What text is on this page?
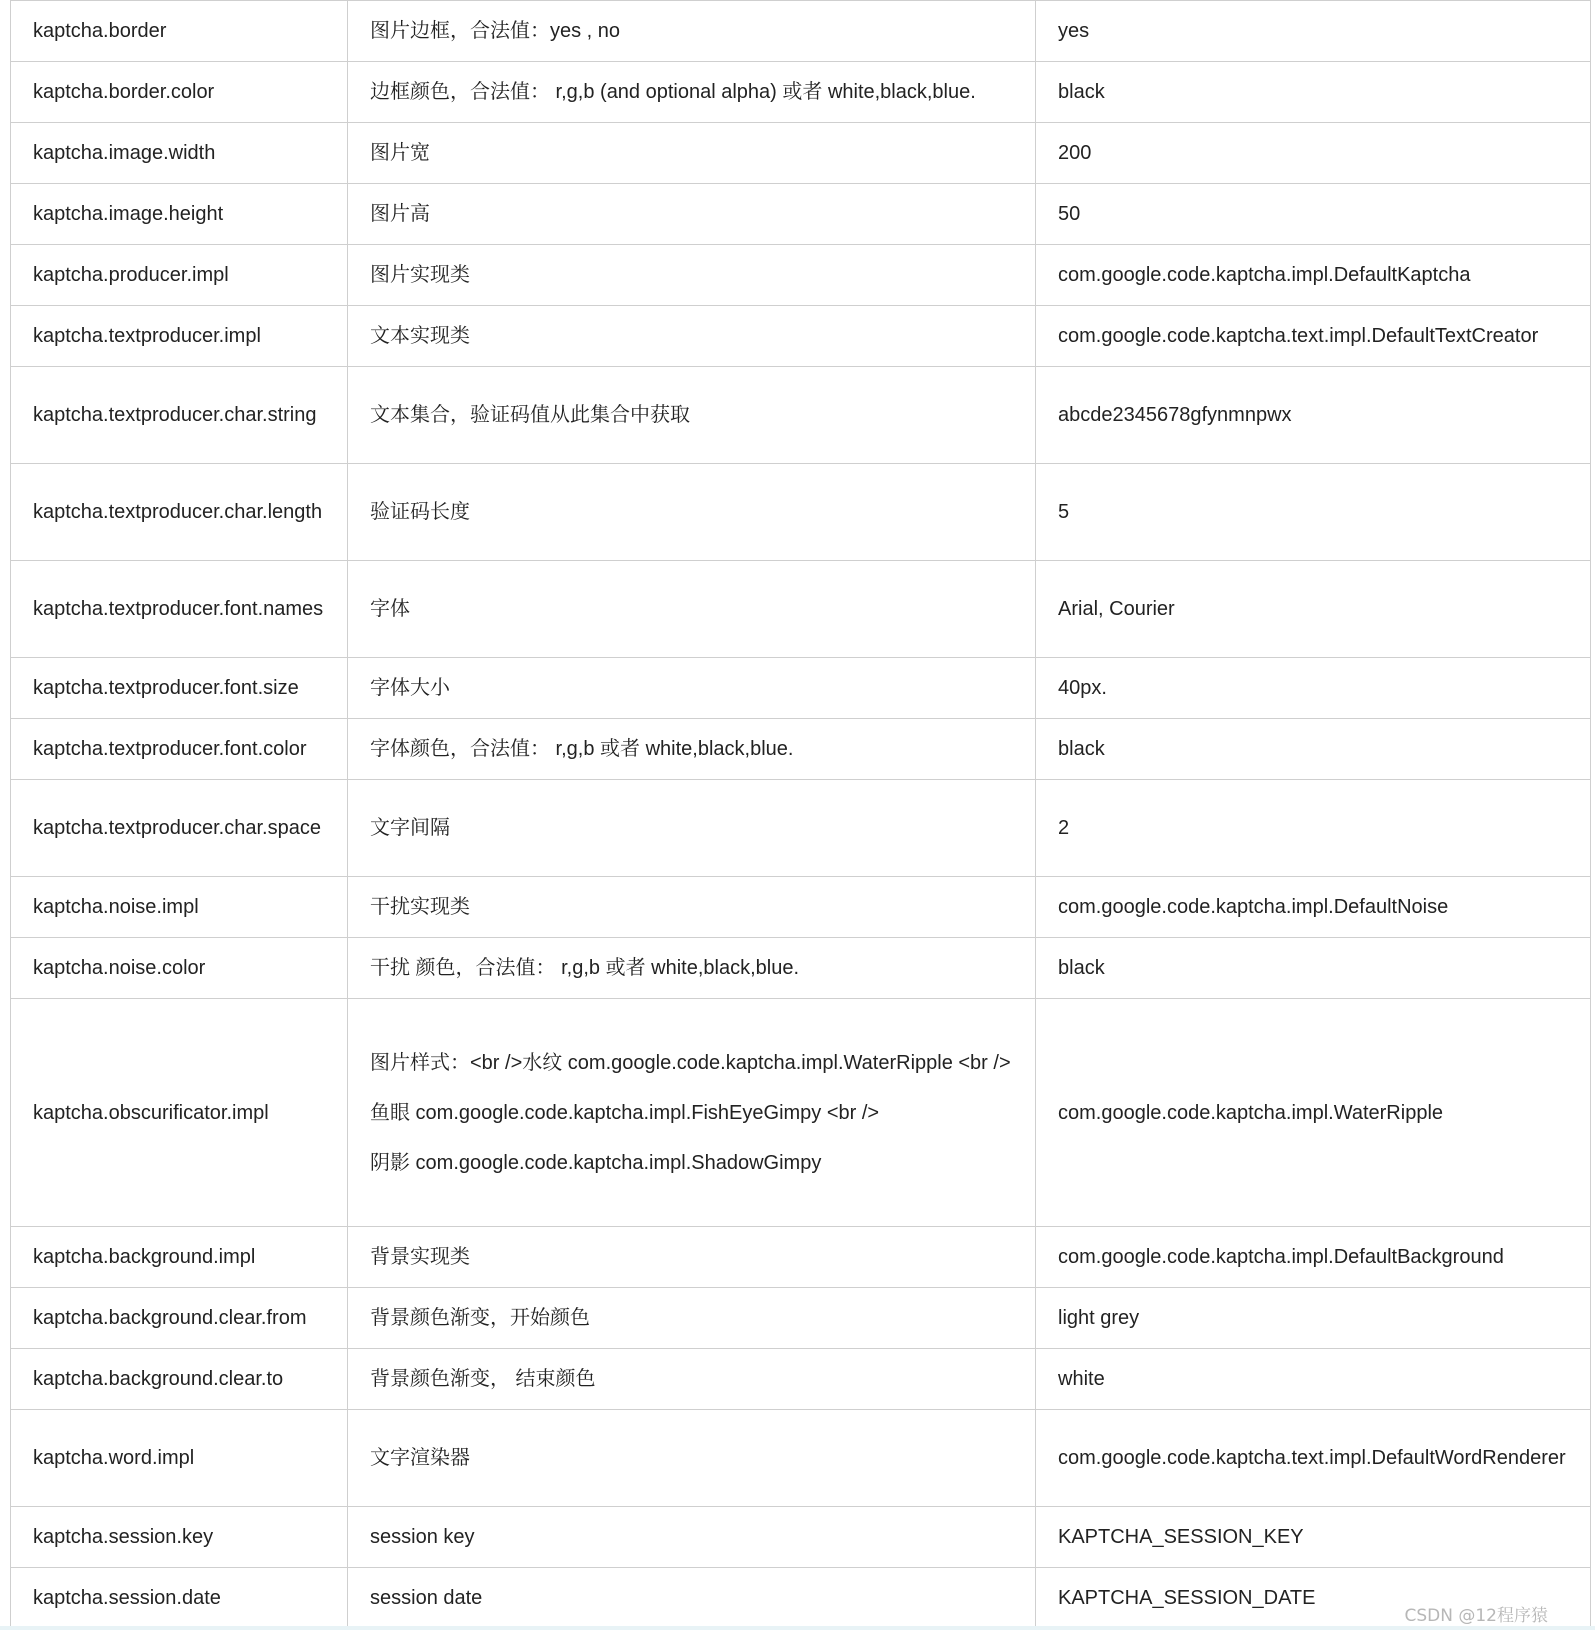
kaptcha.border	图片边框，合法值：yes , no	yes
kaptcha.border.color	边框颜色，合法值： r,g,b (and optional alpha) 或者 white,black,blue.	black
kaptcha.image.width	图片宽	200
kaptcha.image.height	图片高	50
kaptcha.producer.impl	图片实现类	com.google.code.kaptcha.impl.DefaultKaptcha
kaptcha.textproducer.impl	文本实现类	com.google.code.kaptcha.text.impl.DefaultTextCreator
kaptcha.textproducer.char.string	文本集合，验证码值从此集合中获取	abcde2345678gfynmnpwx
kaptcha.textproducer.char.length	验证码长度	5
kaptcha.textproducer.font.names	字体	Arial, Courier
kaptcha.textproducer.font.size	字体大小	40px.
kaptcha.textproducer.font.color	字体颜色，合法值： r,g,b 或者 white,black,blue.	black
kaptcha.textproducer.char.space	文字间隔	2
kaptcha.noise.impl	干扰实现类	com.google.code.kaptcha.impl.DefaultNoise
kaptcha.noise.color	干扰 颜色，合法值： r,g,b 或者 white,black,blue.	black
kaptcha.obscurificator.impl	图片样式：<br />水纹 com.google.code.kaptcha.impl.WaterRipple <br />

鱼眼 com.google.code.kaptcha.impl.FishEyeGimpy <br />

阴影 com.google.code.kaptcha.impl.ShadowGimpy	com.google.code.kaptcha.impl.WaterRipple
kaptcha.background.impl	背景实现类	com.google.code.kaptcha.impl.DefaultBackground
kaptcha.background.clear.from	背景颜色渐变，开始颜色	light grey
kaptcha.background.clear.to	背景颜色渐变， 结束颜色	white
kaptcha.word.impl	文字渲染器	com.google.code.kaptcha.text.impl.DefaultWordRenderer
kaptcha.session.key	session key	KAPTCHA_SESSION_KEY
kaptcha.session.date	session date	KAPTCHA_SESSION_DATE
CSDN @12程序猿
